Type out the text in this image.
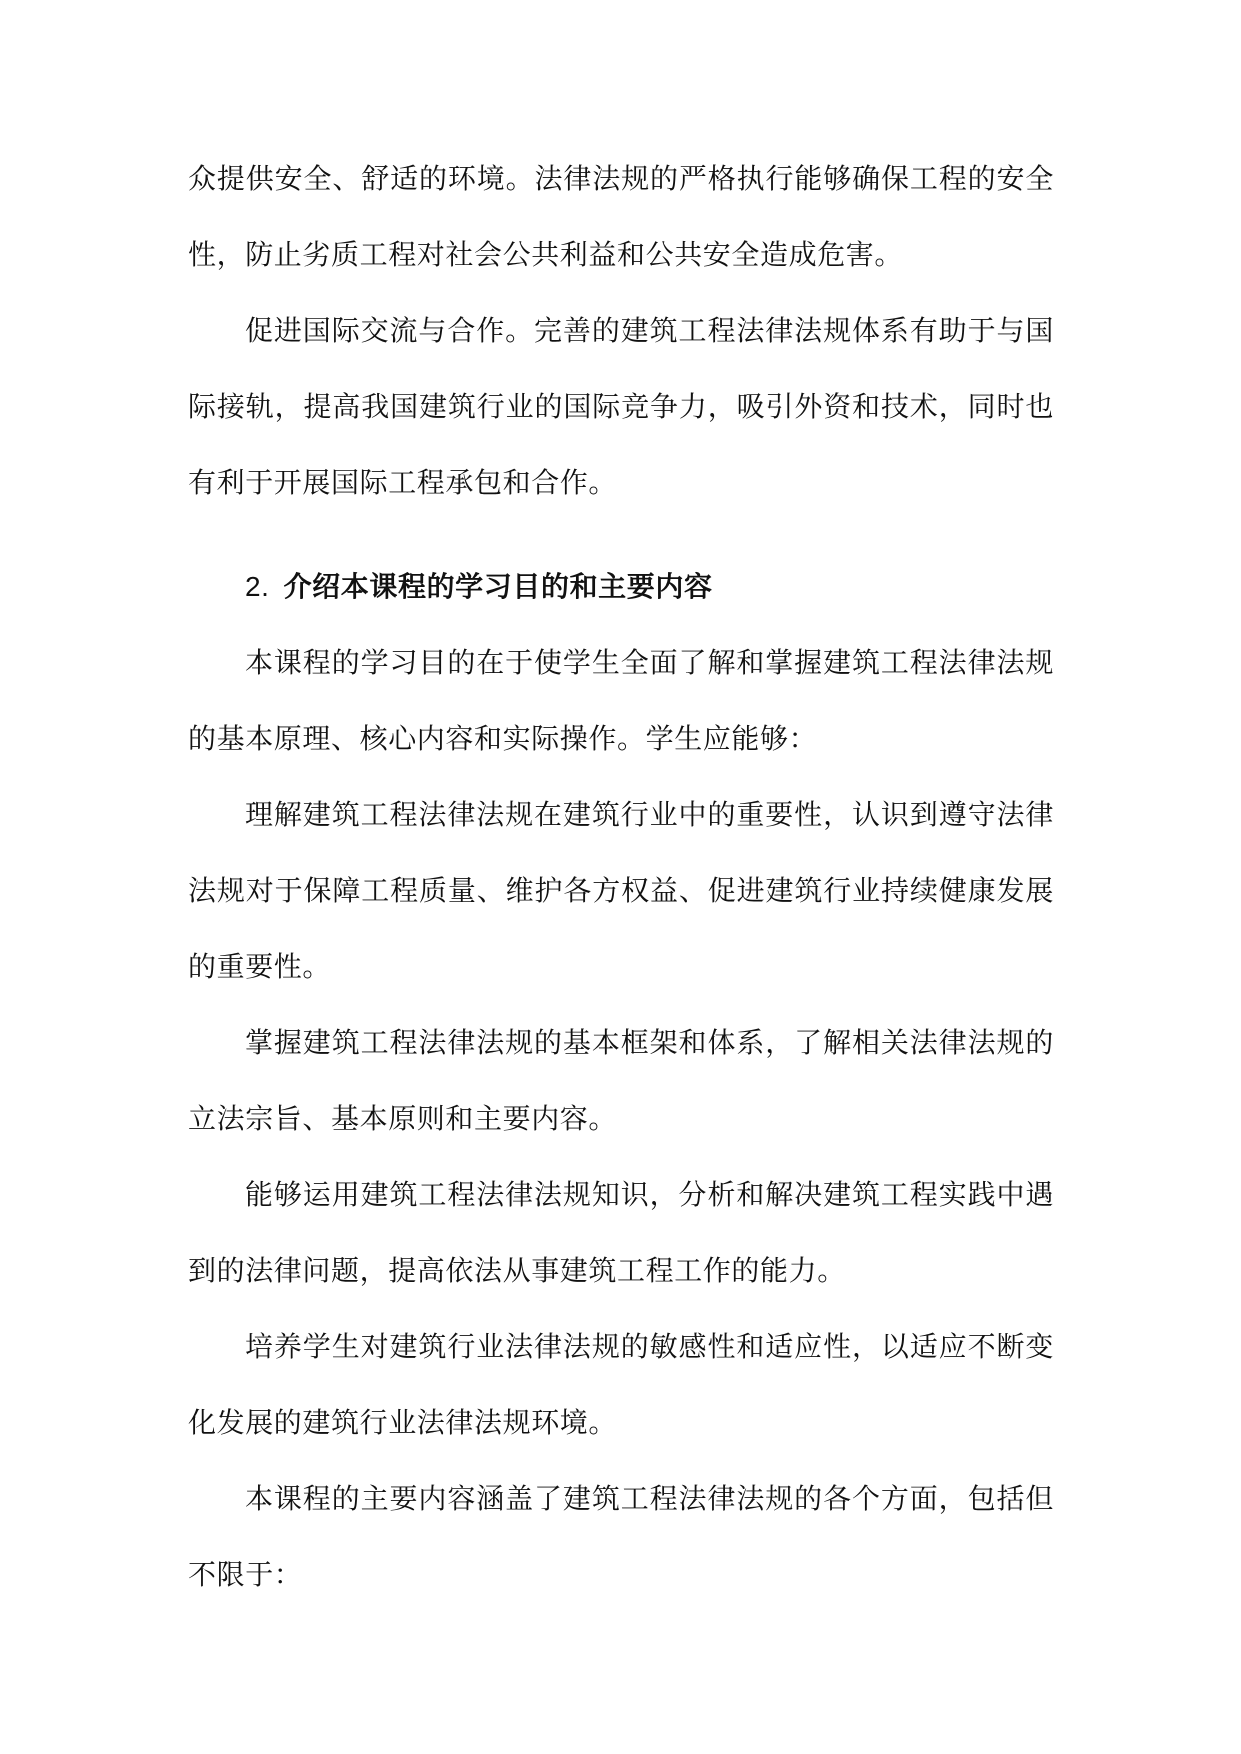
众提供安全、舒适的环境。法律法规的严格执行能够确保工程的安全性，防止劣质工程对社会公共利益和公共安全造成危害。

促进国际交流与合作。完善的建筑工程法律法规体系有助于与国际接轨，提高我国建筑行业的国际竞争力，吸引外资和技术，同时也有利于开展国际工程承包和合作。

2. 介绍本课程的学习目的和主要内容

本课程的学习目的在于使学生全面了解和掌握建筑工程法律法规的基本原理、核心内容和实际操作。学生应能够：

理解建筑工程法律法规在建筑行业中的重要性，认识到遵守法律法规对于保障工程质量、维护各方权益、促进建筑行业持续健康发展的重要性。

掌握建筑工程法律法规的基本框架和体系，了解相关法律法规的立法宗旨、基本原则和主要内容。

能够运用建筑工程法律法规知识，分析和解决建筑工程实践中遇到的法律问题，提高依法从事建筑工程工作的能力。

培养学生对建筑行业法律法规的敏感性和适应性，以适应不断变化发展的建筑行业法律法规环境。

本课程的主要内容涵盖了建筑工程法律法规的各个方面，包括但不限于：
